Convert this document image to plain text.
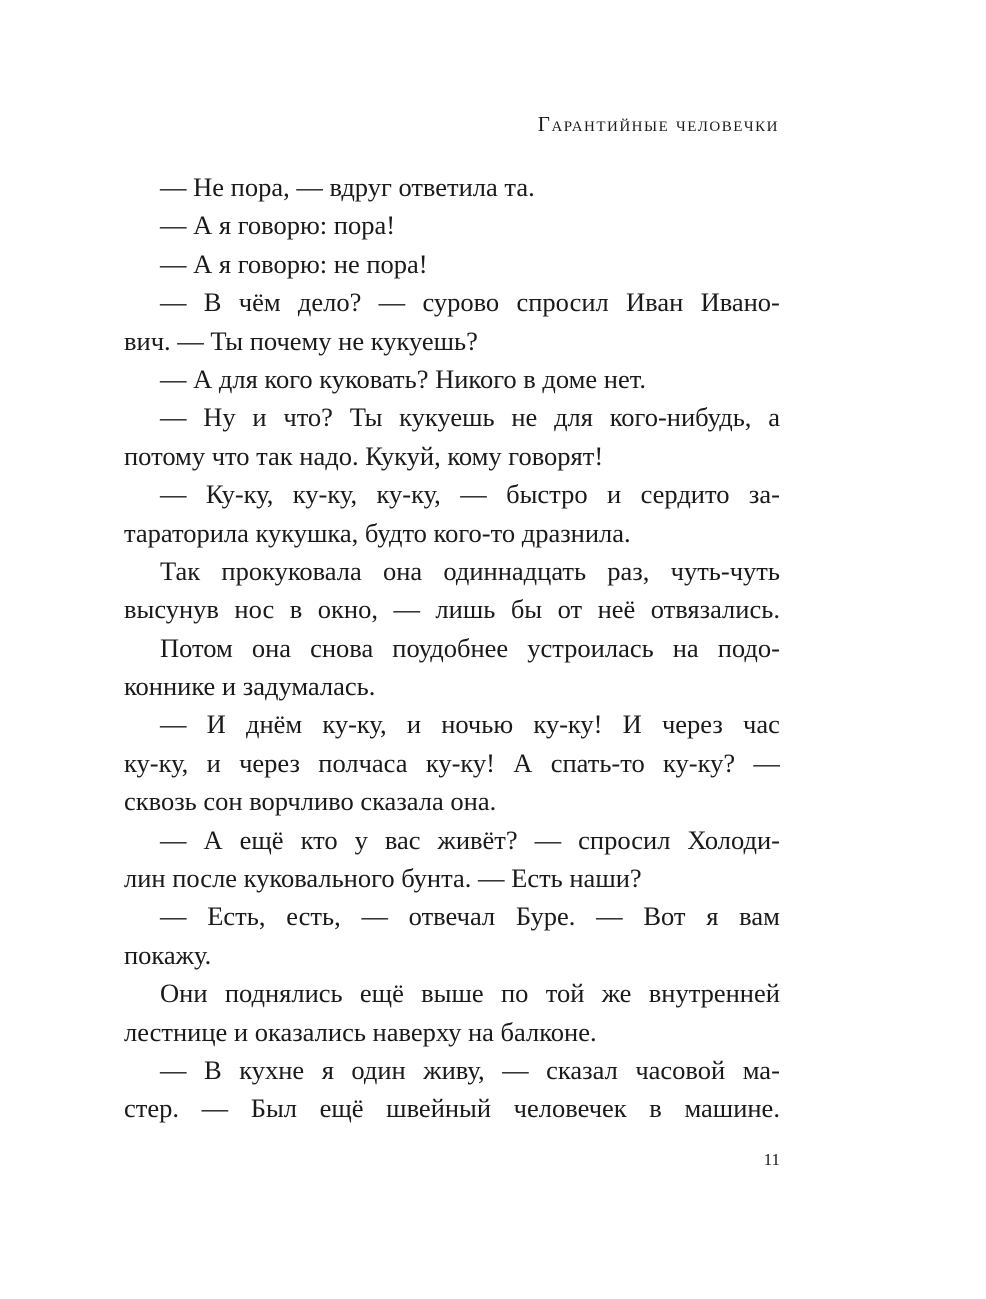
Гарантийные человечки
— Не пора, — вдруг ответила та.
— А я говорю: пора!
— А я говорю: не пора!
— В чём дело? — сурово спросил Иван Ивано-
вич. — Ты почему не кукуешь?
— А для кого куковать? Никого в доме нет.
— Ну и что? Ты кукуешь не для кого-нибудь, а
потому что так надо. Кукуй, кому говорят!
— Ку-ку, ку-ку, ку-ку, — быстро и сердито за-
тараторила кукушка, будто кого-то дразнила.
Так прокуковала она одиннадцать раз, чуть-чуть
высунув нос в окно, — лишь бы от неё отвязались.
Потом она снова поудобнее устроилась на подо-
коннике и задумалась.
— И днём ку-ку, и ночью ку-ку! И через час
ку-ку, и через полчаса ку-ку! А спать-то ку-ку? —
сквозь сон ворчливо сказала она.
— А ещё кто у вас живёт? — спросил Холоди-
лин после куковального бунта. — Есть наши?
— Есть, есть, — отвечал Буре. — Вот я вам
покажу.
Они поднялись ещё выше по той же внутренней
лестнице и оказались наверху на балконе.
— В кухне я один живу, — сказал часовой ма-
стер. — Был ещё швейный человечек в машине.
11
